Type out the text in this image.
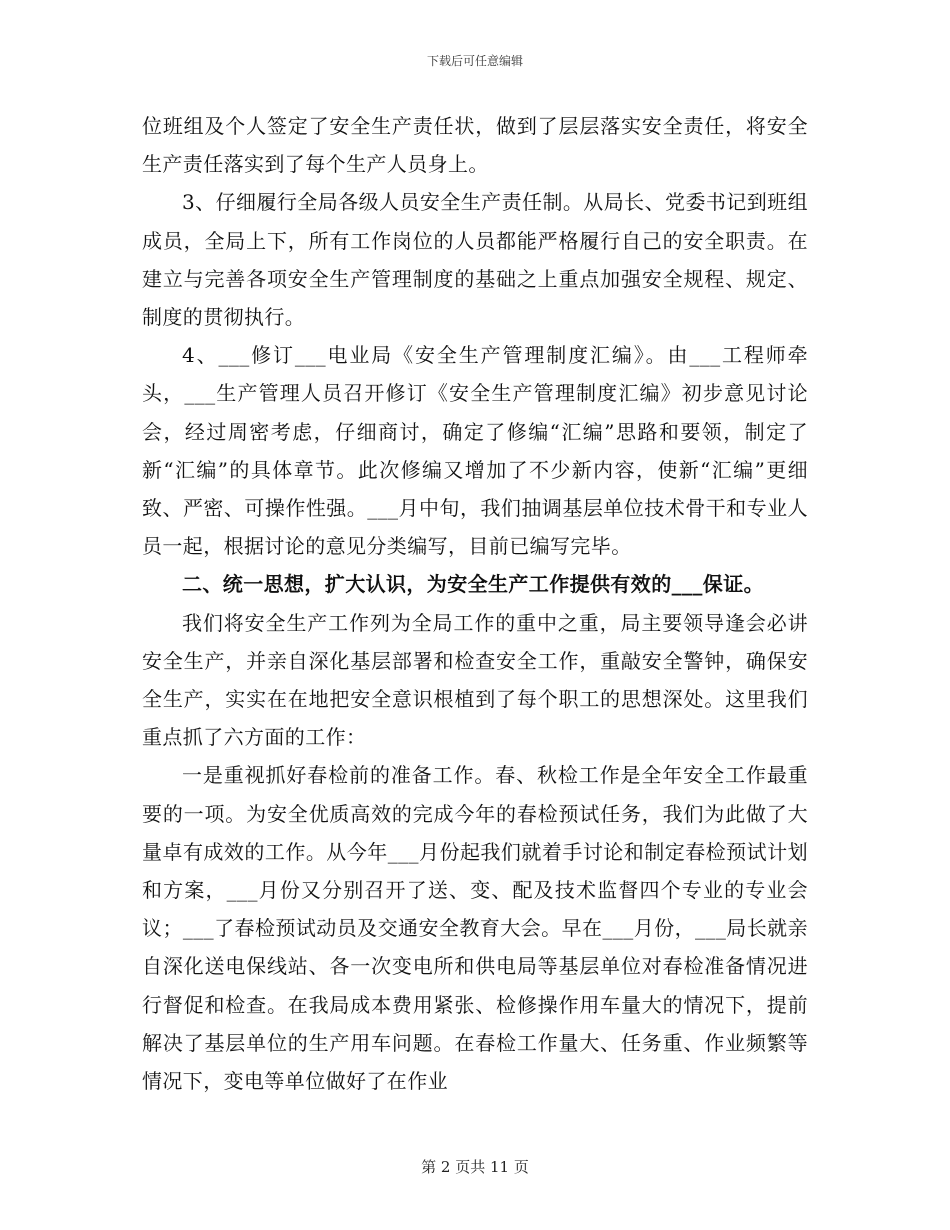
下载后可任意编辑

位班组及个人签定了安全生产责任状，做到了层层落实安全责任，将安全生产责任落实到了每个生产人员身上。

3、仔细履行全局各级人员安全生产责任制。从局长、党委书记到班组成员，全局上下，所有工作岗位的人员都能严格履行自己的安全职责。在建立与完善各项安全生产管理制度的基础之上重点加强安全规程、规定、制度的贯彻执行。

4、___修订___电业局《安全生产管理制度汇编》。由___工程师牵头，___生产管理人员召开修订《安全生产管理制度汇编》初步意见讨论会，经过周密考虑，仔细商讨，确定了修编“汇编”思路和要领，制定了新“汇编”的具体章节。此次修编又增加了不少新内容，使新“汇编”更细致、严密、可操作性强。___月中旬，我们抽调基层单位技术骨干和专业人员一起，根据讨论的意见分类编写，目前已编写完毕。

二、统一思想，扩大认识，为安全生产工作提供有效的___保证。

我们将安全生产工作列为全局工作的重中之重，局主要领导逢会必讲安全生产，并亲自深化基层部署和检查安全工作，重敲安全警钟，确保安全生产，实实在在地把安全意识根植到了每个职工的思想深处。这里我们重点抓了六方面的工作：

一是重视抓好春检前的准备工作。春、秋检工作是全年安全工作最重要的一项。为安全优质高效的完成今年的春检预试任务，我们为此做了大量卓有成效的工作。从今年___月份起我们就着手讨论和制定春检预试计划和方案，___月份又分别召开了送、变、配及技术监督四个专业的专业会议；___了春检预试动员及交通安全教育大会。早在___月份，___局长就亲自深化送电保线站、各一次变电所和供电局等基层单位对春检准备情况进行督促和检查。在我局成本费用紧张、检修操作用车量大的情况下，提前解决了基层单位的生产用车问题。在春检工作量大、任务重、作业频繁等情况下，变电等单位做好了在作业

第 2 页共 11 页
